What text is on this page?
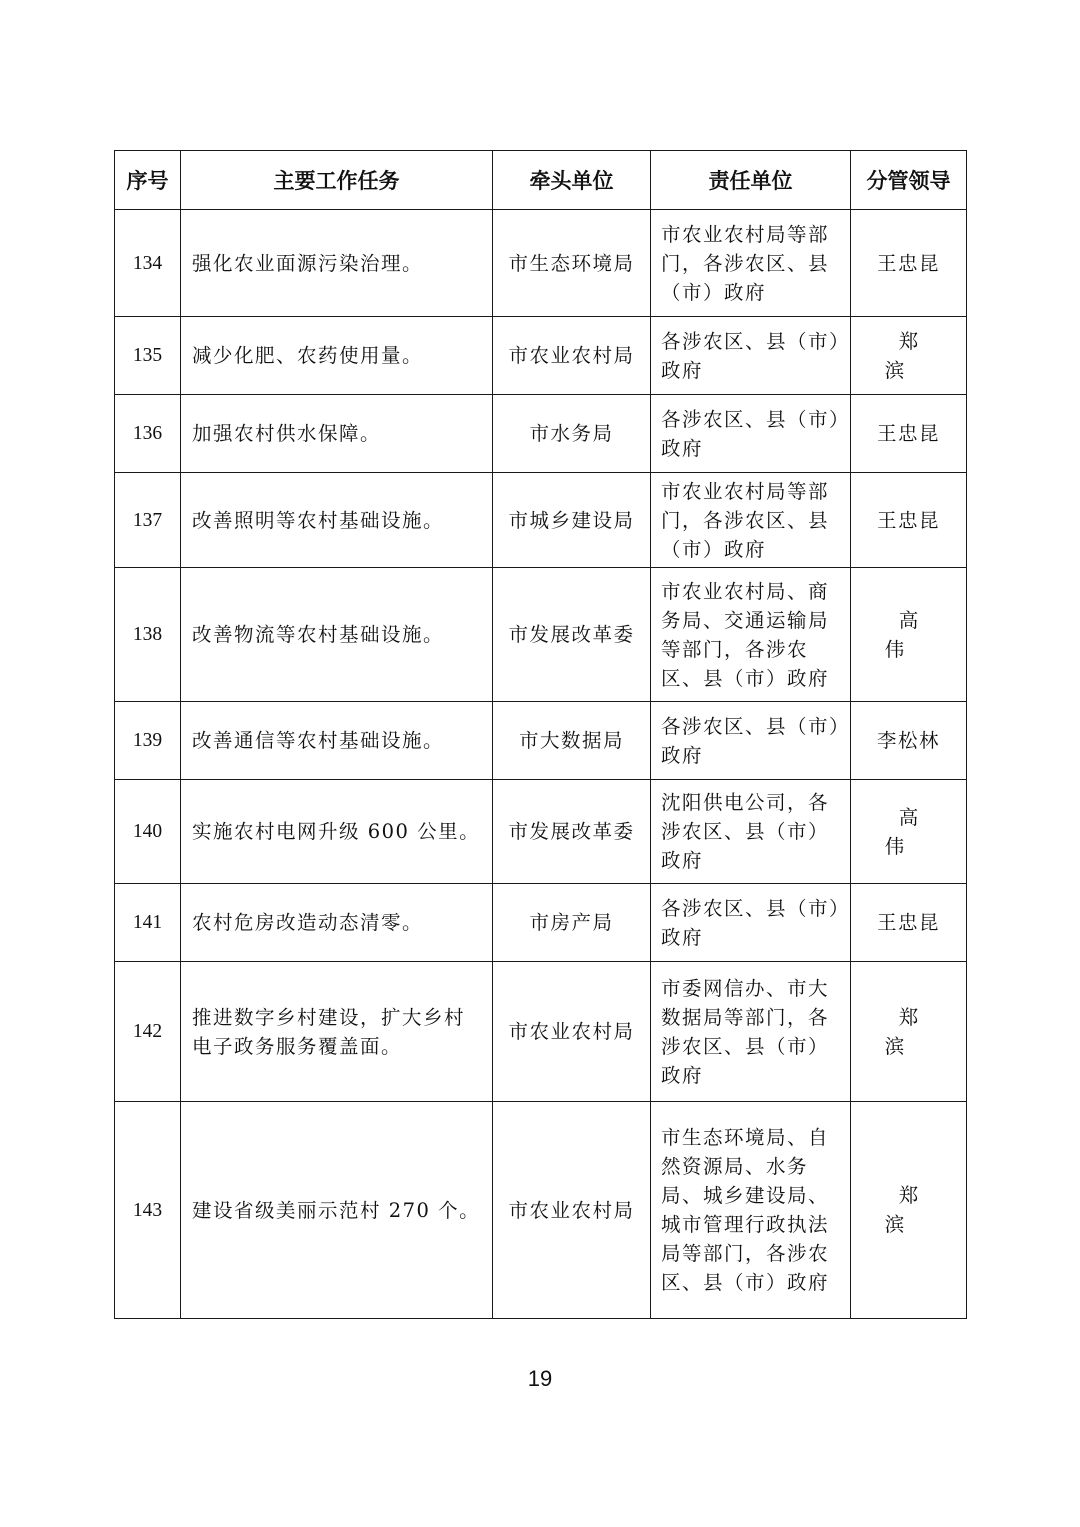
序号	主要工作任务	牵头单位	责任单位	分管领导
134	强化农业面源污染治理。	市生态环境局	市农业农村局等部门，各涉农区、县（市）政府	王忠昆
135	减少化肥、农药使用量。	市农业农村局	各涉农区、县（市）政府	郑滨
136	加强农村供水保障。	市水务局	各涉农区、县（市）政府	王忠昆
137	改善照明等农村基础设施。	市城乡建设局	市农业农村局等部门，各涉农区、县（市）政府	王忠昆
138	改善物流等农村基础设施。	市发展改革委	市农业农村局、商务局、交通运输局等部门，各涉农区、县（市）政府	高伟
139	改善通信等农村基础设施。	市大数据局	各涉农区、县（市）政府	李松林
140	实施农村电网升级 600 公里。	市发展改革委	沈阳供电公司，各涉农区、县（市）政府	高伟
141	农村危房改造动态清零。	市房产局	各涉农区、县（市）政府	王忠昆
142	推进数字乡村建设，扩大乡村电子政务服务覆盖面。	市农业农村局	市委网信办、市大数据局等部门，各涉农区、县（市）政府	郑滨
143	建设省级美丽示范村 270 个。	市农业农村局	市生态环境局、自然资源局、水务局、城乡建设局、城市管理行政执法局等部门，各涉农区、县（市）政府	郑滨
19
